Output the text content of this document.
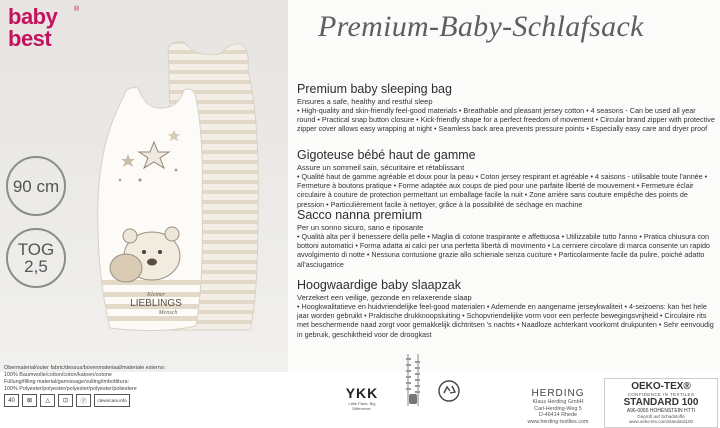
baby
best
®
Kleiner
LIEBLINGS
Mensch
90 cm
TOG
2,5
Premium-Baby-Schlafsack
Premium baby sleeping bag
Ensures a safe, healthy and restful sleep
• High-quality and skin-friendly feel-good materials • Breathable and pleasant jersey cotton • 4 seasons - Can be used all year round • Practical snap button closure • Kick-friendly shape for a perfect freedom of movement • Circular brand zipper with protective zipper cover allows easy wrapping at night • Seamless back area prevents pressure points • Especially easy care and dryer proof
Gigoteuse bébé haut de gamme
Assure un sommeil sain, sécuritaire et rétablissant
• Qualité haut de gamme agréable et doux pour la peau • Coton jersey respirant et agréable • 4 saisons - utilisable toute l'année • Fermeture à boutons pratique • Forme adaptée aux coups de pied pour une parfaite liberté de mouvement • Fermeture éclair circulaire à couture de protection permettant un emballage facile la nuit • Zone arrière sans couture empêche des points de pression • Particulièrement facile à nettoyer, grâce à la possibilité de séchage en machine
Sacco nanna premium
Per un sonno sicuro, sano e riposante
• Qualità alta per il benessere della pelle • Maglia di cotone traspirante e affettuosa • Utilizzabile tutto l'anno • Pratica chiusura con bottoni automatici • Forma adatta ai calci per una perfetta libertà di movimento • La cerniere circolare di marca consente un rapido avvolgimento di notte • Nessuna contusione grazie allo schienale senza cuciture • Particolarmente facile da pulire, poiché adatto all'asciugatrice
Hoogwaardige baby slaapzak
Verzekert een veilige, gezonde en relaxerende slaap
• Hoogkwalitatieve en huidvriendelijke feel-good materialen • Ademende en aangename jerseykwaliteit • 4-seizoens: kan het hele jaar worden gebruikt • Praktische drukknoopsluiting • Schopvriendelijke vorm voor een perfecte bewegingsvrijheid • Circulaire rits met beschermende naad zorgt voor gemakkelijk dichtritsen 's nachts • Naadloze achterkant voorkomt drukpunten • Sehr eenvoudig in gebruik, geschiktheid voor de droogkast
Obermaterial/outer fabric/dessus/bovenmateriaal/materiale esterno:
100% Baumwolle/cotton/coton/katoen/cotone
Füllung/filling material/garnissage/vulling/imbottitura:
100% Polyester/polyester/polyester/polyester/poliestere
40	⊠	△	⊡	Ⓟ	clevercare.info	YKK
Little Parts. Big Difference.
HERDING
Klaus Herding GmbH
Carl-Herding-Weg 5
D-46414 Rhede
www.herding-textiles.com
OEKO-TEX®
CONFIDENCE IN TEXTILES
STANDARD 100
A96-0065 HOHENSTEIN HTTI
Geprüft auf Schadstoffe
www.oeko-tex.com/standard100
